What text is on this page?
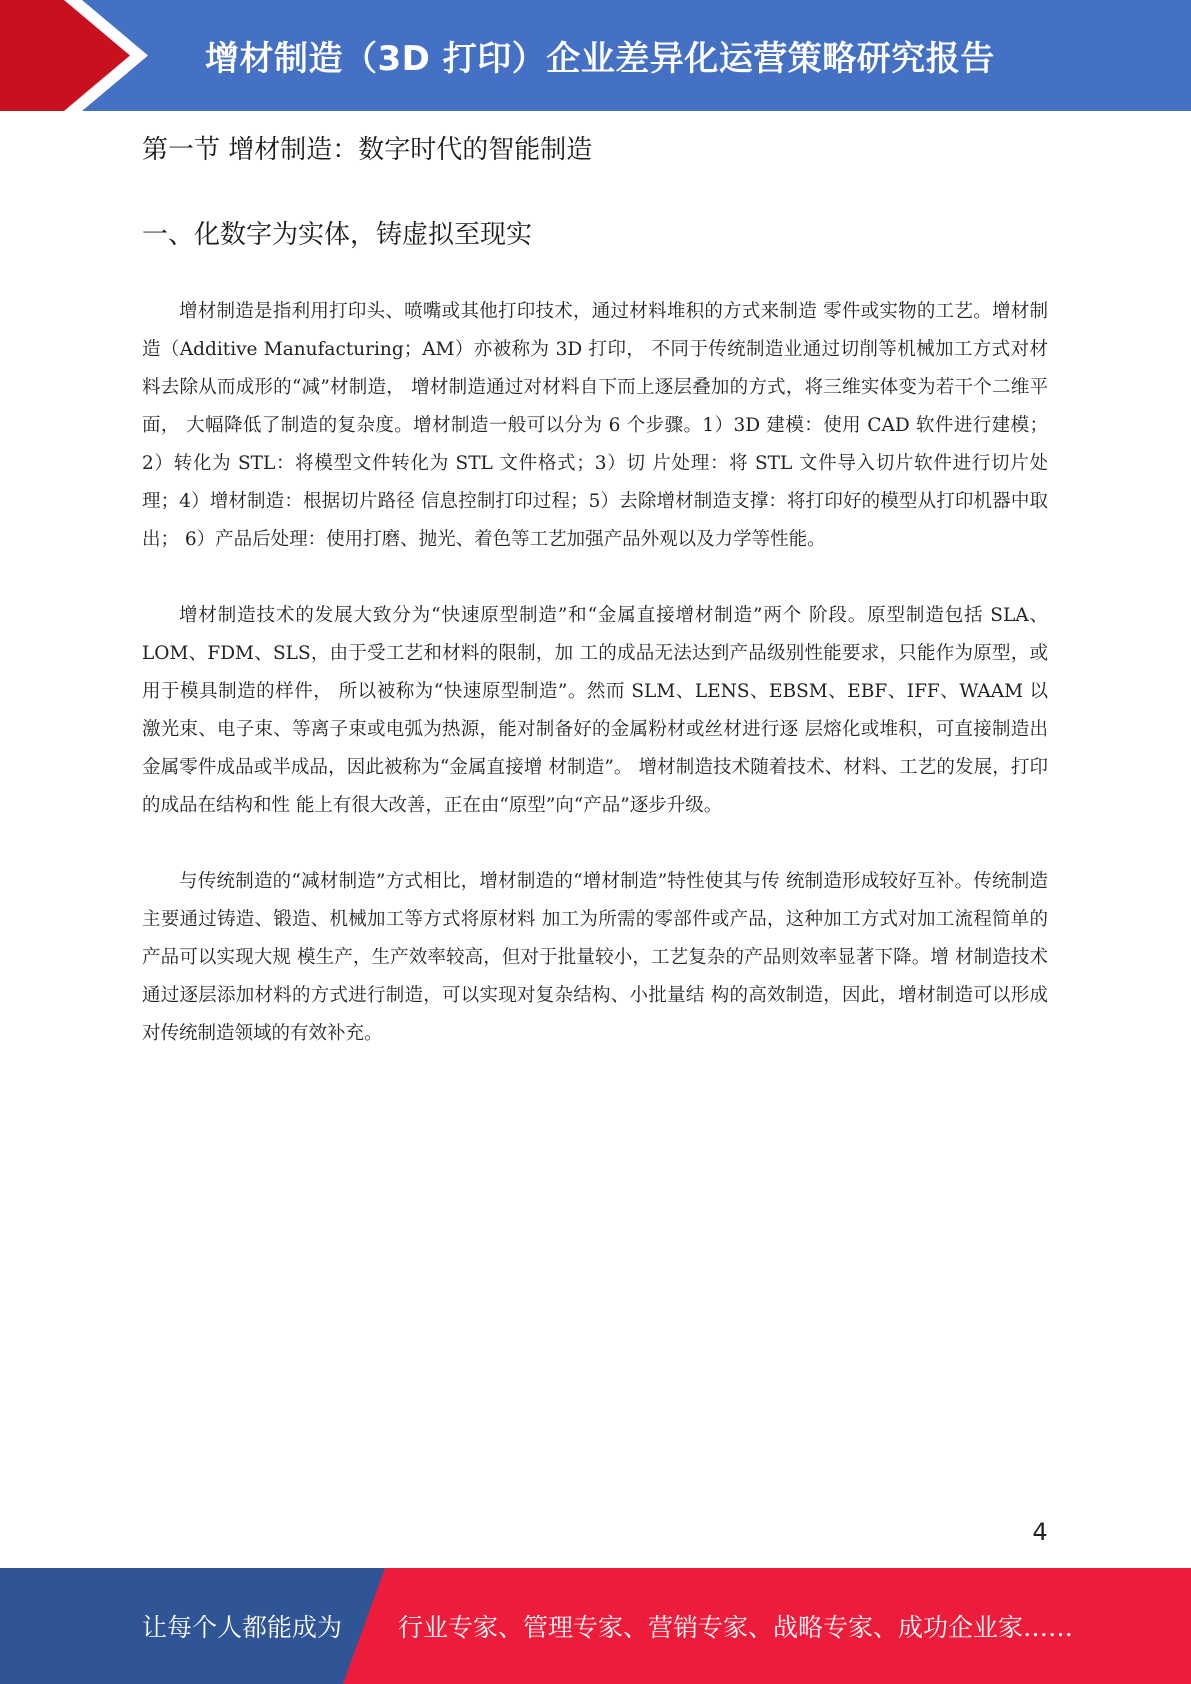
增材制造（3D 打印）企业差异化运营策略研究报告
第一节 增材制造：数字时代的智能制造
一、化数字为实体，铸虚拟至现实

增材制造是指利用打印头、喷嘴或其他打印技术，通过材料堆积的方式来制造 零件或实物的工艺。增材制造（Additive Manufacturing；AM）亦被称为 3D 打印， 不同于传统制造业通过切削等机械加工方式对材料去除从而成形的“减”材制造， 增材制造通过对材料自下而上逐层叠加的方式，将三维实体变为若干个二维平面， 大幅降低了制造的复杂度。增材制造一般可以分为 6 个步骤。1）3D 建模：使用 CAD 软件进行建模；2）转化为 STL：将模型文件转化为 STL 文件格式；3）切 片处理：将 STL 文件导入切片软件进行切片处理；4）增材制造：根据切片路径 信息控制打印过程；5）去除增材制造支撑：将打印好的模型从打印机器中取出； 6）产品后处理：使用打磨、抛光、着色等工艺加强产品外观以及力学等性能。

增材制造技术的发展大致分为“快速原型制造”和“金属直接增材制造”两个 阶段。原型制造包括 SLA、LOM、FDM、SLS，由于受工艺和材料的限制，加 工的成品无法达到产品级别性能要求，只能作为原型，或用于模具制造的样件， 所以被称为“快速原型制造”。然而 SLM、LENS、EBSM、EBF、IFF、WAAM 以 激光束、电子束、等离子束或电弧为热源，能对制备好的金属粉材或丝材进行逐 层熔化或堆积，可直接制造出金属零件成品或半成品，因此被称为“金属直接增 材制造”。 增材制造技术随着技术、材料、工艺的发展，打印的成品在结构和性 能上有很大改善，正在由“原型”向“产品”逐步升级。

与传统制造的“减材制造”方式相比，增材制造的“增材制造”特性使其与传 统制造形成较好互补。传统制造主要通过铸造、锻造、机械加工等方式将原材料 加工为所需的零部件或产品，这种加工方式对加工流程简单的产品可以实现大规 模生产，生产效率较高，但对于批量较小，工艺复杂的产品则效率显著下降。增 材制造技术通过逐层添加材料的方式进行制造，可以实现对复杂结构、小批量结 构的高效制造，因此，增材制造可以形成对传统制造领域的有效补充。

4
让每个人都能成为 行业专家、管理专家、营销专家、战略专家、成功企业家……
